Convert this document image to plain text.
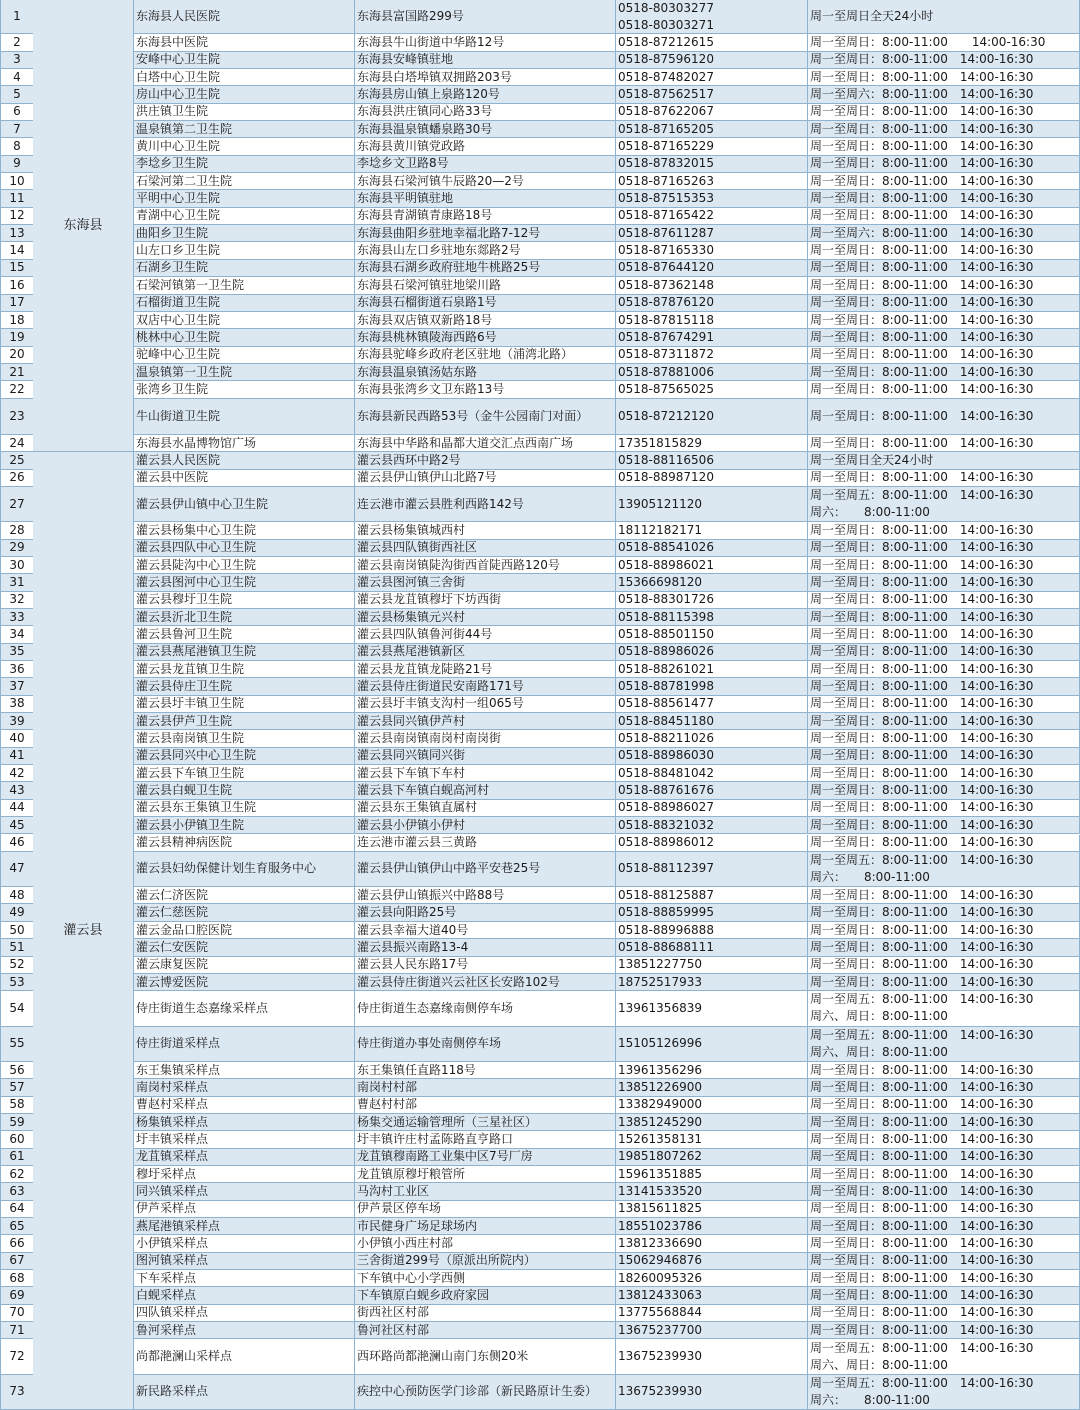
1
2
3
4
5
6
7
8
9
10
11
12
13
14
15
16
17
18
19
20
21
22
23
24
25
26
27
28
29
30
31
32
33
34
35
36
37
38
39
40
41
42
43
44
45
46
47
48
49
50
51
52
53
54
55
56
57
58
59
60
61
62
63
64
65
66
67
68
69
70
71
72
73
东海县
灌云县
东海县人民医院
东海县中医院
安峰中心卫生院
白塔中心卫生院
房山中心卫生院
洪庄镇卫生院
温泉镇第二卫生院
黄川中心卫生院
李埝乡卫生院
石梁河第二卫生院
平明中心卫生院
青湖中心卫生院
曲阳乡卫生院
山左口乡卫生院
石湖乡卫生院
石梁河镇第一卫生院
石榴街道卫生院
双店中心卫生院
桃林中心卫生院
驼峰中心卫生院
温泉镇第一卫生院
张湾乡卫生院
牛山街道卫生院
东海县水晶博物馆广场
灌云县人民医院
灌云县中医院
灌云县伊山镇中心卫生院
灌云县杨集中心卫生院
灌云县四队中心卫生院
灌云县陡沟中心卫生院
灌云县图河中心卫生院
灌云县穆圩卫生院
灌云县沂北卫生院
灌云县鲁河卫生院
灌云县燕尾港镇卫生院
灌云县龙苴镇卫生院
灌云县侍庄卫生院
灌云县圩丰镇卫生院
灌云县伊芦卫生院
灌云县南岗镇卫生院
灌云县同兴中心卫生院
灌云县下车镇卫生院
灌云县白蚬卫生院
灌云县东王集镇卫生院
灌云县小伊镇卫生院
灌云县精神病医院
灌云县妇幼保健计划生育服务中心
灌云仁济医院
灌云仁慈医院
灌云金品口腔医院
灌云仁安医院
灌云康复医院
灌云博爱医院
侍庄街道生态嘉缘采样点
侍庄街道采样点
东王集镇采样点
南岗村采样点
曹赵村采样点
杨集镇采样点
圩丰镇采样点
龙苴镇采样点
穆圩采样点
同兴镇采样点
伊芦采样点
燕尾港镇采样点
小伊镇采样点
图河镇采样点
下车采样点
白蚬采样点
四队镇采样点
鲁河采样点
尚都滟澜山采样点
新民路采样点
东海县富国路299号
东海县牛山街道中华路12号
东海县安峰镇驻地
东海县白塔埠镇双拥路203号
东海县房山镇上泉路120号
东海县洪庄镇同心路33号
东海县温泉镇蟠泉路30号
东海县黄川镇党政路
李埝乡文卫路8号
东海县石梁河镇牛辰路20—2号
东海县平明镇驻地
东海县青湖镇青康路18号
东海县曲阳乡驻地幸福北路7-12号
东海县山左口乡驻地东郯路2号
东海县石湖乡政府驻地牛桃路25号
东海县石梁河镇驻地梁川路
东海县石榴街道石泉路1号
东海县双店镇双新路18号
东海县桃林镇陵海西路6号
东海县驼峰乡政府老区驻地（浦湾北路）
东海县温泉镇汤姑东路
东海县张湾乡文卫东路13号
东海县新民西路53号（金牛公园南门对面）
东海县中华路和晶都大道交汇点西南广场
灌云县西环中路2号
灌云县伊山镇伊山北路7号
连云港市灌云县胜利西路142号
灌云县杨集镇城西村
灌云县四队镇街西社区
灌云县南岗镇陡沟街西首陡西路120号
灌云县图河镇三舍街
灌云县龙苴镇穆圩下坊西街
灌云县杨集镇元兴村
灌云县四队镇鲁河街44号
灌云县燕尾港镇新区
灌云县龙苴镇龙陡路21号
灌云县侍庄街道民安南路171号
灌云县圩丰镇支沟村一组065号
灌云县同兴镇伊芦村
灌云县南岗镇南岗村南岗街
灌云县同兴镇同兴街
灌云县下车镇下车村
灌云县下车镇白蚬高河村
灌云县东王集镇直属村
灌云县小伊镇小伊村
连云港市灌云县三黄路
灌云县伊山镇伊山中路平安巷25号
灌云县伊山镇振兴中路88号
灌云县向阳路25号
灌云县幸福大道40号
灌云县振兴南路13-4
灌云县人民东路17号
灌云县侍庄街道兴云社区长安路102号
侍庄街道生态嘉缘南侧停车场
侍庄街道办事处南侧停车场
东王集镇任直路118号
南岗村村部
曹赵村村部
杨集交通运输管理所（三星社区）
圩丰镇许庄村孟陈路直亨路口
龙苴镇穆南路工业集中区7号厂房
龙苴镇原穆圩粮管所
马沟村工业区
伊芦景区停车场
市民健身广场足球场内
小伊镇小西庄村部
三舍街道299号（原派出所院内）
下车镇中心小学西侧
下车镇原白蚬乡政府家园
街西社区村部
鲁河社区村部
西环路尚都滟澜山南门东侧20米
疾控中心预防医学门诊部（新民路原计生委）
0518-80303277
0518-80303271
0518-87212615
0518-87596120
0518-87482027
0518-87562517
0518-87622067
0518-87165205
0518-87165229
0518-87832015
0518-87165263
0518-87515353
0518-87165422
0518-87611287
0518-87165330
0518-87644120
0518-87362148
0518-87876120
0518-87815118
0518-87674291
0518-87311872
0518-87881006
0518-87565025
0518-87212120
17351815829
0518-88116506
0518-88987120
13905121120
18112182171
0518-88541026
0518-88986021
15366698120
0518-88301726
0518-88115398
0518-88501150
0518-88986026
0518-88261021
0518-88781998
0518-88561477
0518-88451180
0518-88211026
0518-88986030
0518-88481042
0518-88761676
0518-88986027
0518-88321032
0518-88986012
0518-88112397
0518-88125887
0518-88859995
0518-88996888
0518-88688111
13851227750
18752517933
13961356839
15105126996
13961356296
13851226900
13382949000
13851245290
15261358131
19851807262
15961351885
13141533520
13815611825
18551023786
13812336690
15062946876
18260095326
13812433063
13775568844
13675237700
13675239930
13675239930
周一至周日全天24小时
周一至周日：8:00-11:00　　14:00-16:30
周一至周日：8:00-11:00　14:00-16:30
周一至周日：8:00-11:00　14:00-16:30
周一至周六：8:00-11:00　14:00-16:30
周一至周日：8:00-11:00　14:00-16:30
周一至周日：8:00-11:00　14:00-16:30
周一至周日：8:00-11:00　14:00-16:30
周一至周日：8:00-11:00　14:00-16:30
周一至周日：8:00-11:00　14:00-16:30
周一至周日：8:00-11:00　14:00-16:30
周一至周日：8:00-11:00　14:00-16:30
周一至周六：8:00-11:00　14:00-16:30
周一至周日：8:00-11:00　14:00-16:30
周一至周日：8:00-11:00　14:00-16:30
周一至周日：8:00-11:00　14:00-16:30
周一至周日：8:00-11:00　14:00-16:30
周一至周日：8:00-11:00　14:00-16:30
周一至周日：8:00-11:00　14:00-16:30
周一至周日：8:00-11:00　14:00-16:30
周一至周日：8:00-11:00　14:00-16:30
周一至周日：8:00-11:00　14:00-16:30
周一至周日：8:00-11:00　14:00-16:30
周一至周日：8:00-11:00　14:00-16:30
周一至周日全天24小时
周一至周日：8:00-11:00　14:00-16:30
周一至周五：8:00-11:00　14:00-16:30
周六：　　8:00-11:00
周一至周日：8:00-11:00　14:00-16:30
周一至周日：8:00-11:00　14:00-16:30
周一至周日：8:00-11:00　14:00-16:30
周一至周日：8:00-11:00　14:00-16:30
周一至周日：8:00-11:00　14:00-16:30
周一至周日：8:00-11:00　14:00-16:30
周一至周日：8:00-11:00　14:00-16:30
周一至周日：8:00-11:00　14:00-16:30
周一至周日：8:00-11:00　14:00-16:30
周一至周日：8:00-11:00　14:00-16:30
周一至周日：8:00-11:00　14:00-16:30
周一至周日：8:00-11:00　14:00-16:30
周一至周日：8:00-11:00　14:00-16:30
周一至周日：8:00-11:00　14:00-16:30
周一至周日：8:00-11:00　14:00-16:30
周一至周日：8:00-11:00　14:00-16:30
周一至周日：8:00-11:00　14:00-16:30
周一至周日：8:00-11:00　14:00-16:30
周一至周日：8:00-11:00　14:00-16:30
周一至周五：8:00-11:00　14:00-16:30
周六：　　8:00-11:00
周一至周日：8:00-11:00　14:00-16:30
周一至周日：8:00-11:00　14:00-16:30
周一至周日：8:00-11:00　14:00-16:30
周一至周日：8:00-11:00　14:00-16:30
周一至周日：8:00-11:00　14:00-16:30
周一至周日：8:00-11:00　14:00-16:30
周一至周五：8:00-11:00　14:00-16:30
周六、周日：8:00-11:00
周一至周五：8:00-11:00　14:00-16:30
周六、周日：8:00-11:00
周一至周日：8:00-11:00　14:00-16:30
周一至周日：8:00-11:00　14:00-16:30
周一至周日：8:00-11:00　14:00-16:30
周一至周日：8:00-11:00　14:00-16:30
周一至周日：8:00-11:00　14:00-16:30
周一至周日：8:00-11:00　14:00-16:30
周一至周日：8:00-11:00　14:00-16:30
周一至周日：8:00-11:00　14:00-16:30
周一至周日：8:00-11:00　14:00-16:30
周一至周日：8:00-11:00　14:00-16:30
周一至周日：8:00-11:00　14:00-16:30
周一至周日：8:00-11:00　14:00-16:30
周一至周日：8:00-11:00　14:00-16:30
周一至周日：8:00-11:00　14:00-16:30
周一至周日：8:00-11:00　14:00-16:30
周一至周日：8:00-11:00　14:00-16:30
周一至周五：8:00-11:00　14:00-16:30
周六、周日：8:00-11:00
周一至周五：8:00-11:00　14:00-16:30
周六：　　8:00-11:00
